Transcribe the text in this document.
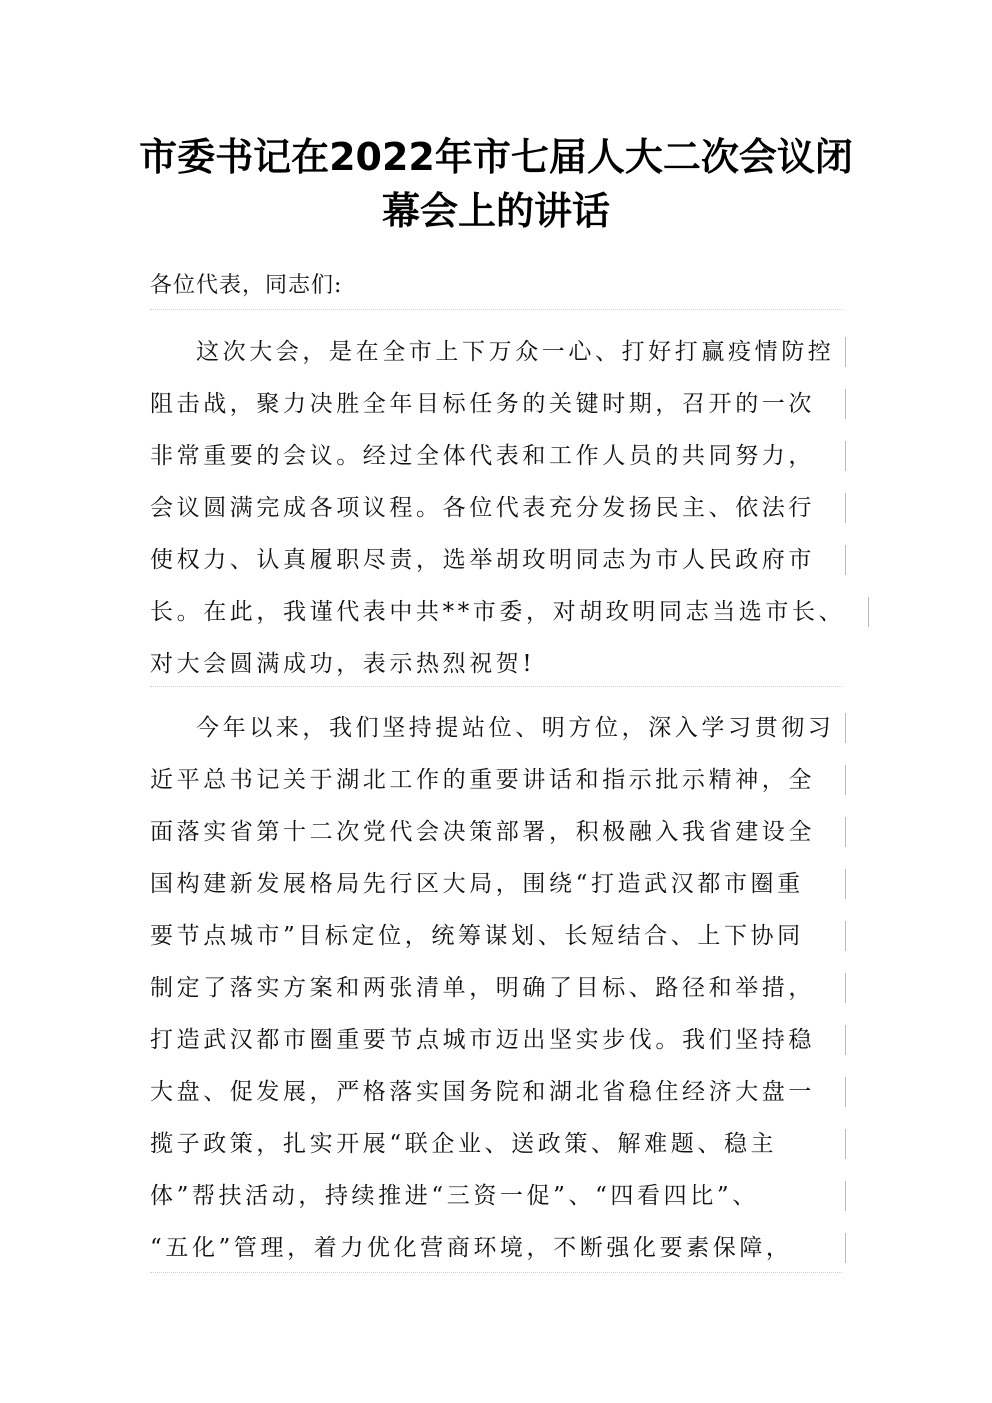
市委书记在2022年市七届人大二次会议闭
幕会上的讲话
各位代表，同志们:
这次大会，是在全市上下万众一心、打好打赢疫情防控
阻击战，聚力决胜全年目标任务的关键时期，召开的一次
非常重要的会议。经过全体代表和工作人员的共同努力，
会议圆满完成各项议程。各位代表充分发扬民主、依法行
使权力、认真履职尽责，选举胡玫明同志为市人民政府市
长。在此，我谨代表中共**市委，对胡玫明同志当选市长、
对大会圆满成功，表示热烈祝贺!
今年以来，我们坚持提站位、明方位，深入学习贯彻习
近平总书记关于湖北工作的重要讲话和指示批示精神，全
面落实省第十二次党代会决策部署，积极融入我省建设全
国构建新发展格局先行区大局，围绕“打造武汉都市圈重
要节点城市”目标定位，统筹谋划、长短结合、上下协同
制定了落实方案和两张清单，明确了目标、路径和举措，
打造武汉都市圈重要节点城市迈出坚实步伐。我们坚持稳
大盘、促发展，严格落实国务院和湖北省稳住经济大盘一
揽子政策，扎实开展“联企业、送政策、解难题、稳主
体”帮扶活动，持续推进“三资一促”、“四看四比”、
“五化”管理，着力优化营商环境，不断强化要素保障，
